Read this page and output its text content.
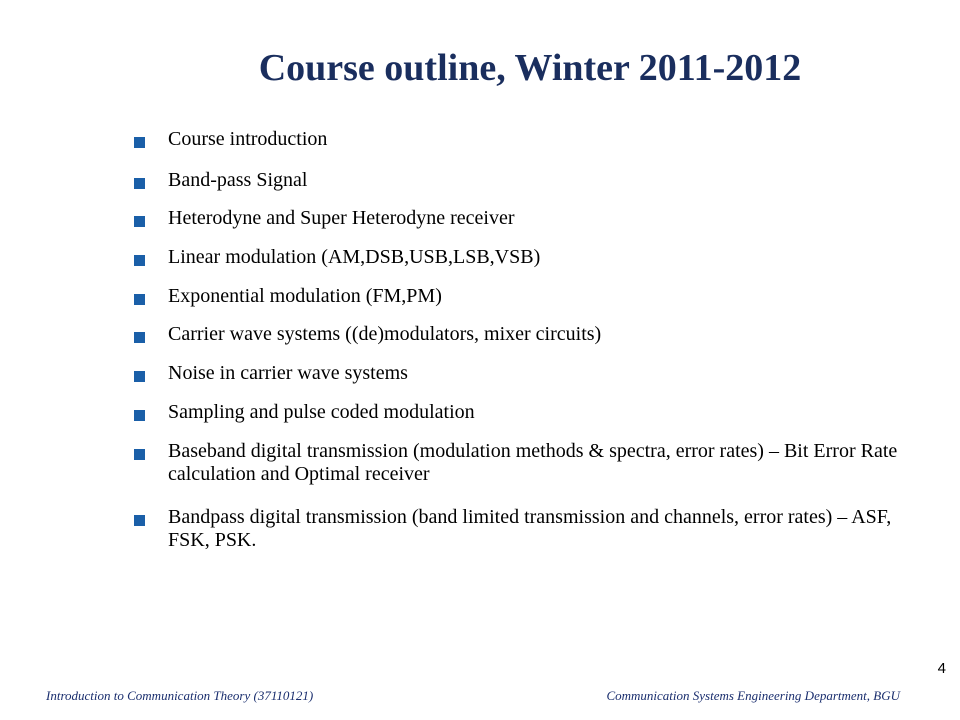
Course outline, Winter 2011-2012
Course introduction
Band-pass Signal
Heterodyne and Super Heterodyne receiver
Linear modulation (AM,DSB,USB,LSB,VSB)
Exponential modulation (FM,PM)
Carrier wave systems ((de)modulators, mixer circuits)
Noise in carrier wave systems
Sampling and pulse coded modulation
Baseband digital transmission (modulation methods & spectra, error rates) – Bit Error Rate calculation and Optimal receiver
Bandpass digital transmission (band limited transmission and channels, error rates) – ASF, FSK, PSK.
4
Introduction to Communication Theory (37110121)	Communication Systems Engineering Department, BGU
